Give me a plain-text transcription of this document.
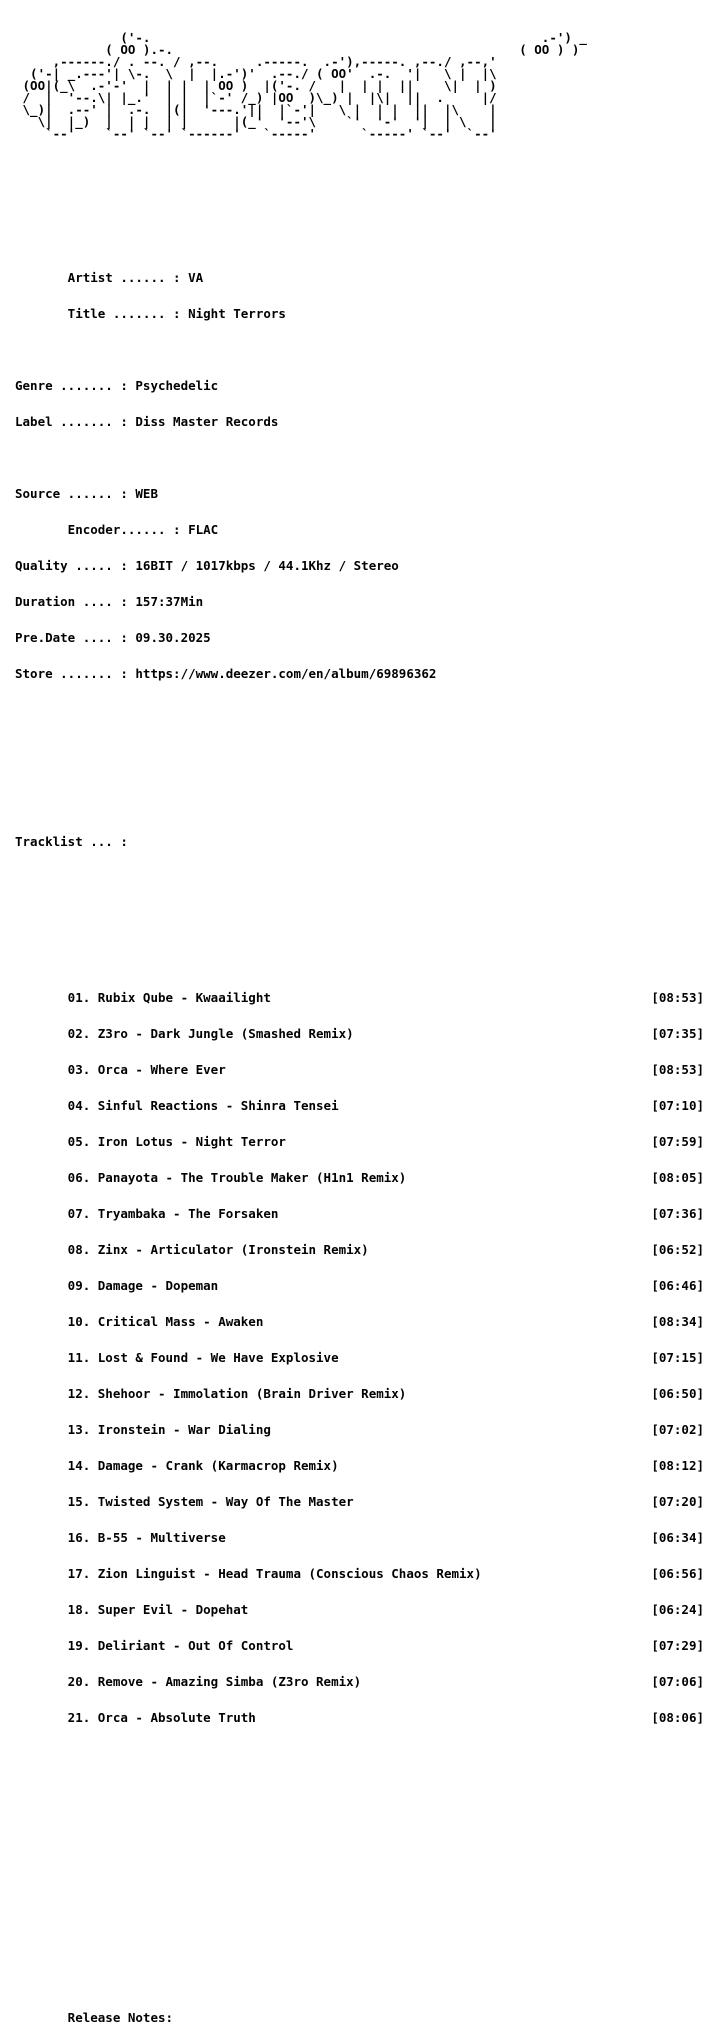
('-.                                                    .-') _
( OO ).-.                                              ( OO ) )
,------./ . --. / ,--.     .-----.  .-'),-----. ,--./ ,--,'
('-| _.---'| \-.  \  |  |.-')'  .--./ ( OO'  .-.  '|   \ |  |\
(OO|(_\  .-'-'  |  | |  | OO )  |('-. /   |  | |  ||    \|  | )
/  |  '--.\| |_.'  | |  |`-' /_) |OO  )\_) |  |\|  ||  .     |/
\_)|  .--' |  .-.  |(|  '---.'||  |`-'|   \ |  | |  ||  |\    |
\|  |_)  |  | |  | |      |(_'  '--'\    `'  '-'  '|  | \   |
`--'    `--' `--' `------'   `-----'      `-----' `--'  `--'

Artist ...... : VA

Title ....... : Night Terrors

Genre ....... : Psychedelic

Label ....... : Diss Master Records

Source ...... : WEB

Encoder...... : FLAC

Quality ..... : 16BIT / 1017kbps / 44.1Khz / Stereo

Duration .... : 157:37Min

Pre.Date .... : 09.30.2025

Store ....... : https://www.deezer.com/en/album/69896362

Tracklist ... :

01. Rubix Qube - Kwaailight	[08:53]

02. Z3ro - Dark Jungle (Smashed Remix)	[07:35]

03. Orca - Where Ever	[08:53]

04. Sinful Reactions - Shinra Tensei	[07:10]

05. Iron Lotus - Night Terror	[07:59]

06. Panayota - The Trouble Maker (H1n1 Remix)	[08:05]

07. Tryambaka - The Forsaken	[07:36]

08. Zinx - Articulator (Ironstein Remix)	[06:52]

09. Damage - Dopeman	[06:46]

10. Critical Mass - Awaken	[08:34]

11. Lost & Found - We Have Explosive	[07:15]

12. Shehoor - Immolation (Brain Driver Remix)	[06:50]

13. Ironstein - War Dialing	[07:02]

14. Damage - Crank (Karmacrop Remix)	[08:12]

15. Twisted System - Way Of The Master	[07:20]

16. B-55 - Multiverse	[06:34]

17. Zion Linguist - Head Trauma (Conscious Chaos Remix)	[06:56]

18. Super Evil - Dopehat	[06:24]

19. Deliriant - Out Of Control	[07:29]

20. Remove - Amazing Simba (Z3ro Remix)	[07:06]

21. Orca - Absolute Truth	[08:06]

Release Notes:
